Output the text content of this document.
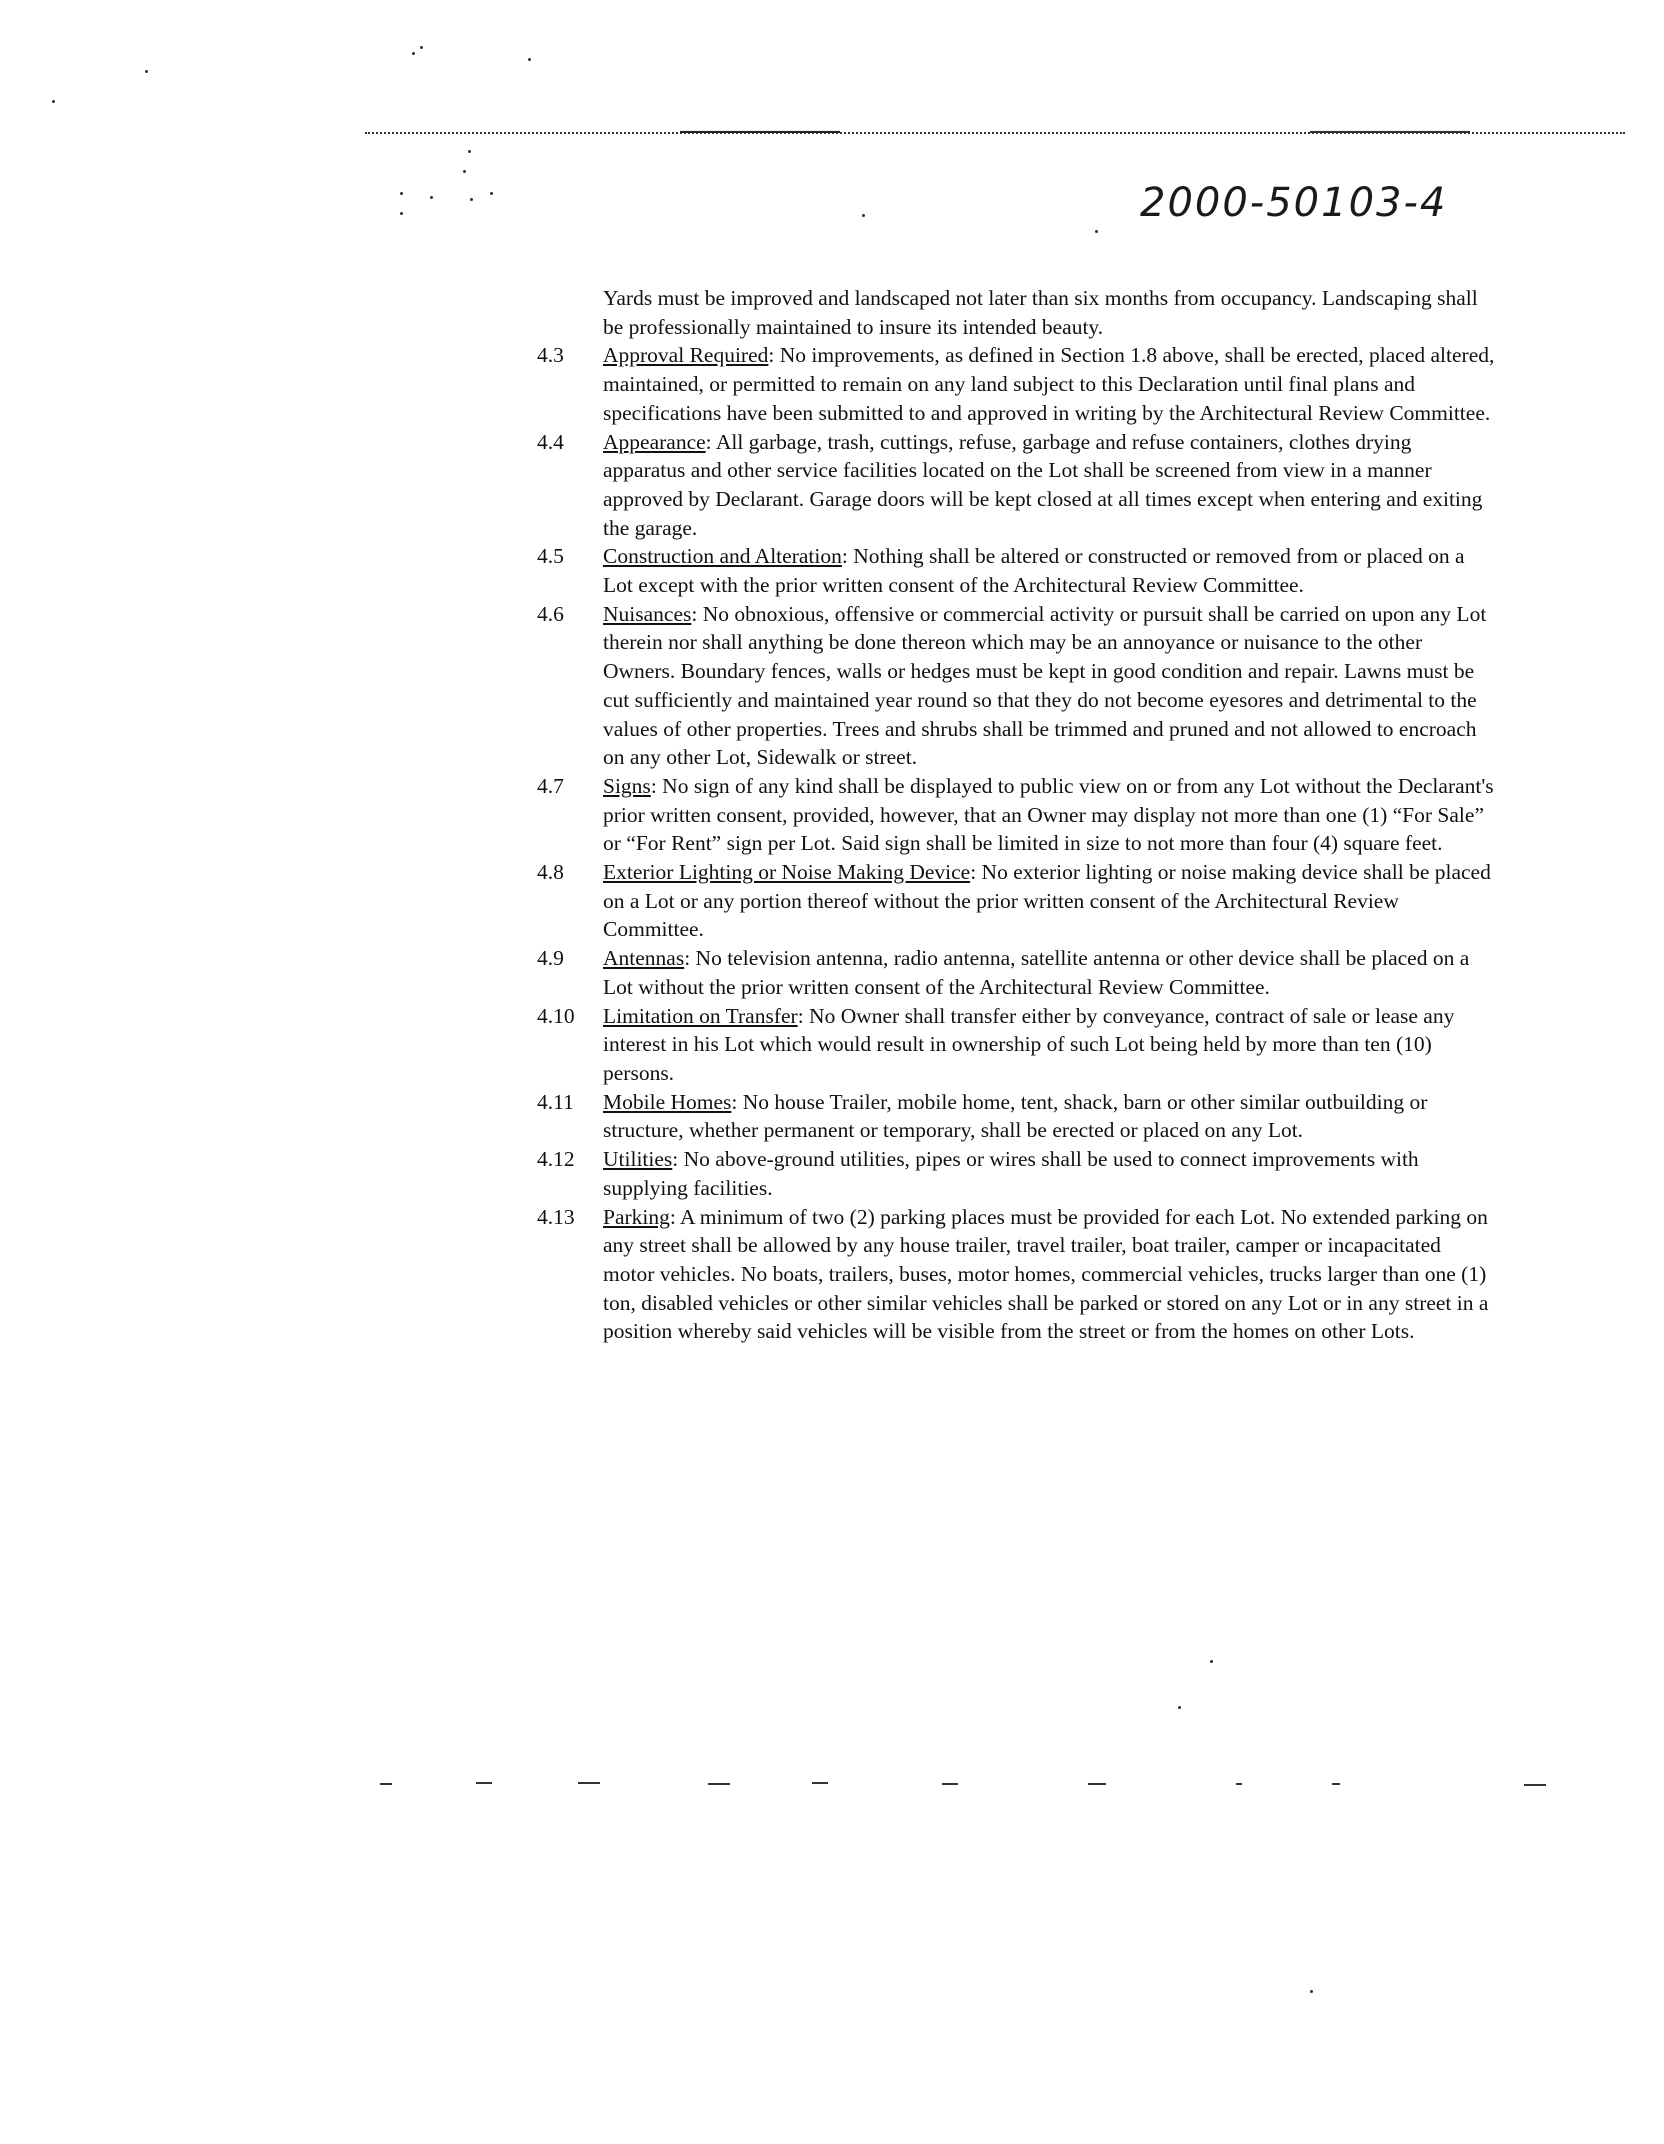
2000-50103-4
Yards must be improved and landscaped not later than six months from occupancy. Landscaping shall be professionally maintained to insure its intended beauty.
4.3	Approval Required: No improvements, as defined in Section 1.8 above, shall be erected, placed altered, maintained, or permitted to remain on any land subject to this Declaration until final plans and specifications have been submitted to and approved in writing by the Architectural Review Committee.
4.4	Appearance: All garbage, trash, cuttings, refuse, garbage and refuse containers, clothes drying apparatus and other service facilities located on the Lot shall be screened from view in a manner approved by Declarant. Garage doors will be kept closed at all times except when entering and exiting the garage.
4.5	Construction and Alteration: Nothing shall be altered or constructed or removed from or placed on a Lot except with the prior written consent of the Architectural Review Committee.
4.6	Nuisances: No obnoxious, offensive or commercial activity or pursuit shall be carried on upon any Lot therein nor shall anything be done thereon which may be an annoyance or nuisance to the other Owners. Boundary fences, walls or hedges must be kept in good condition and repair. Lawns must be cut sufficiently and maintained year round so that they do not become eyesores and detrimental to the values of other properties. Trees and shrubs shall be trimmed and pruned and not allowed to encroach on any other Lot, Sidewalk or street.
4.7	Signs: No sign of any kind shall be displayed to public view on or from any Lot without the Declarant's prior written consent, provided, however, that an Owner may display not more than one (1) “For Sale” or “For Rent” sign per Lot. Said sign shall be limited in size to not more than four (4) square feet.
4.8	Exterior Lighting or Noise Making Device: No exterior lighting or noise making device shall be placed on a Lot or any portion thereof without the prior written consent of the Architectural Review Committee.
4.9	Antennas: No television antenna, radio antenna, satellite antenna or other device shall be placed on a Lot without the prior written consent of the Architectural Review Committee.
4.10	Limitation on Transfer: No Owner shall transfer either by conveyance, contract of sale or lease any interest in his Lot which would result in ownership of such Lot being held by more than ten (10) persons.
4.11	Mobile Homes: No house Trailer, mobile home, tent, shack, barn or other similar outbuilding or structure, whether permanent or temporary, shall be erected or placed on any Lot.
4.12	Utilities: No above-ground utilities, pipes or wires shall be used to connect improvements with supplying facilities.
4.13	Parking: A minimum of two (2) parking places must be provided for each Lot. No extended parking on any street shall be allowed by any house trailer, travel trailer, boat trailer, camper or incapacitated motor vehicles. No boats, trailers, buses, motor homes, commercial vehicles, trucks larger than one (1) ton, disabled vehicles or other similar vehicles shall be parked or stored on any Lot or in any street in a position whereby said vehicles will be visible from the street or from the homes on other Lots.
